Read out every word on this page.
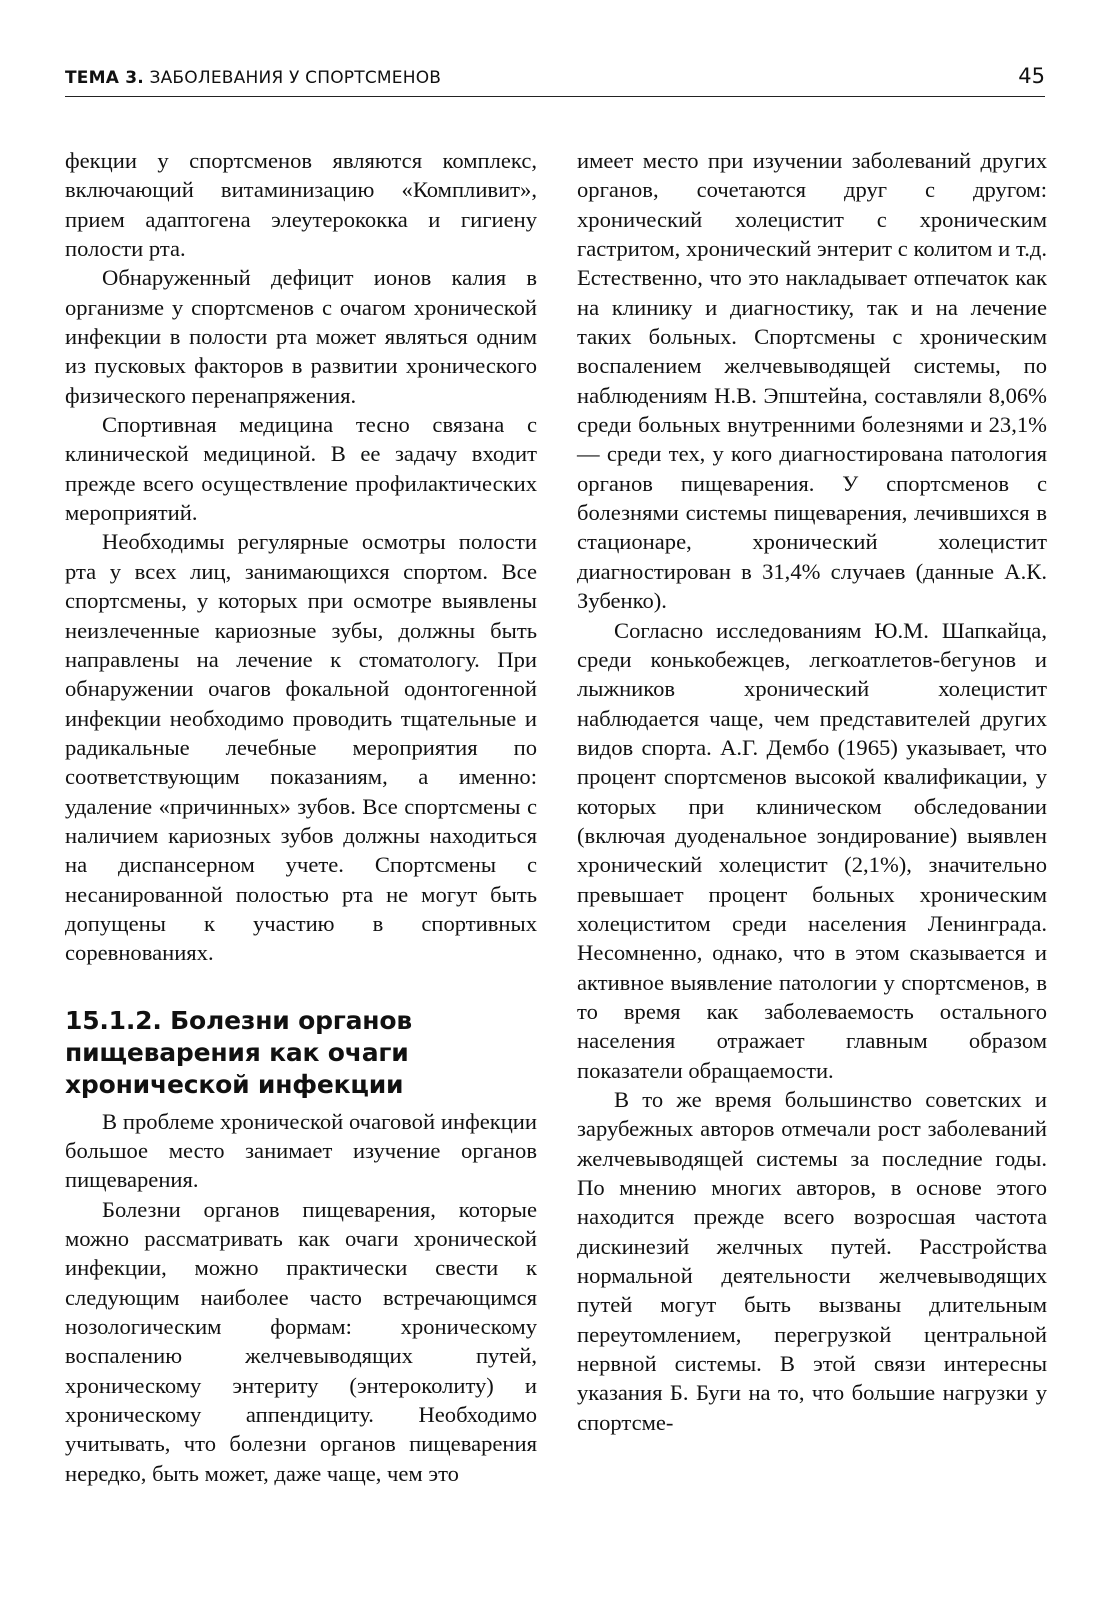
ТЕМА 3. ЗАБОЛЕВАНИЯ У СПОРТСМЕНОВ	45

фекции у спортсменов являются комплекс, включающий витаминизацию «Компливит», прием адаптогена элеутерококка и гигиену полости рта.

Обнаруженный дефицит ионов калия в организме у спортсменов с очагом хронической инфекции в полости рта может являться одним из пусковых факторов в развитии хронического физического перенапряжения.

Спортивная медицина тесно связана с клинической медициной. В ее задачу входит прежде всего осуществление профилактических мероприятий.

Необходимы регулярные осмотры полости рта у всех лиц, занимающихся спортом. Все спортсмены, у которых при осмотре выявлены неизлеченные кариозные зубы, должны быть направлены на лечение к стоматологу. При обнаружении очагов фокальной одонтогенной инфекции необходимо проводить тщательные и радикальные лечебные мероприятия по соответствующим показаниям, а именно: удаление «причинных» зубов. Все спортсмены с наличием кариозных зубов должны находиться на диспансерном учете. Спортсмены с несанированной полостью рта не могут быть допущены к участию в спортивных соревнованиях.

15.1.2. Болезни органов пищеварения как очаги хронической инфекции

В проблеме хронической очаговой инфекции большое место занимает изучение органов пищеварения.

Болезни органов пищеварения, которые можно рассматривать как очаги хронической инфекции, можно практически свести к следующим наиболее часто встречающимся нозологическим формам: хроническому воспалению желчевыводящих путей, хроническому энтериту (энтероколиту) и хроническому аппендициту. Необходимо учитывать, что болезни органов пищеварения нередко, быть может, даже чаще, чем это

имеет место при изучении заболеваний других органов, сочетаются друг с другом: хронический холецистит с хроническим гастритом, хронический энтерит с колитом и т.д. Естественно, что это накладывает отпечаток как на клинику и диагностику, так и на лечение таких больных. Спортсмены с хроническим воспалением желчевыводящей системы, по наблюдениям Н.В. Эпштейна, составляли 8,06% среди больных внутренними болезнями и 23,1% — среди тех, у кого диагностирована патология органов пищеварения. У спортсменов с болезнями системы пищеварения, лечившихся в стационаре, хронический холецистит диагностирован в 31,4% случаев (данные А.К. Зубенко).

Согласно исследованиям Ю.М. Шапкайца, среди конькобежцев, легкоатлетов-бегунов и лыжников хронический холецистит наблюдается чаще, чем представителей других видов спорта. А.Г. Дембо (1965) указывает, что процент спортсменов высокой квалификации, у которых при клиническом обследовании (включая дуоденальное зондирование) выявлен хронический холецистит (2,1%), значительно превышает процент больных хроническим холециститом среди населения Ленинграда. Несомненно, однако, что в этом сказывается и активное выявление патологии у спортсменов, в то время как заболеваемость остального населения отражает главным образом показатели обращаемости.

В то же время большинство советских и зарубежных авторов отмечали рост заболеваний желчевыводящей системы за последние годы. По мнению многих авторов, в основе этого находится прежде всего возросшая частота дискинезий желчных путей. Расстройства нормальной деятельности желчевыводящих путей могут быть вызваны длительным переутомлением, перегрузкой центральной нервной системы. В этой связи интересны указания Б. Буги на то, что большие нагрузки у спортсме-
